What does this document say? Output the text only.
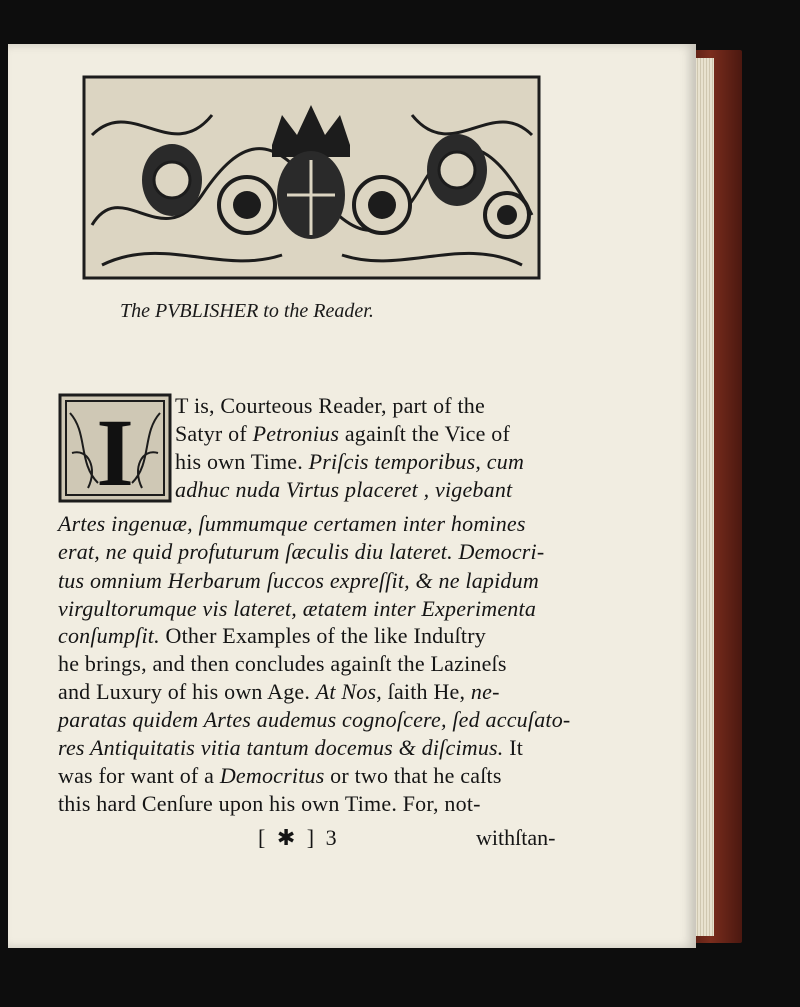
The PVBLISHER to the Reader.
I T is, Courteous Reader, part of the
Satyr of Petronius againſt the Vice of
his own Time. Priſcis temporibus, cum
adhuc nuda Virtus placeret , vigebant
Artes ingenuæ, ſummumque certamen inter homines
erat, ne quid profuturum ſæculis diu lateret. Democri-
tus omnium Herbarum ſuccos expreſſit, & ne lapidum
virgultorumque vis lateret, ætatem inter Experimenta
conſumpſit. Other Examples of the like Induſtry
he brings, and then concludes againſt the Lazineſs
and Luxury of his own Age. At Nos, ſaith He, ne-
paratas quidem Artes audemus cognoſcere, ſed accuſato-
res Antiquitatis vitia tantum docemus & diſcimus. It
was for want of a Democritus or two that he caſts
this hard Cenſure upon his own Time. For, not-
[ ✱ ] 3	withſtan-
